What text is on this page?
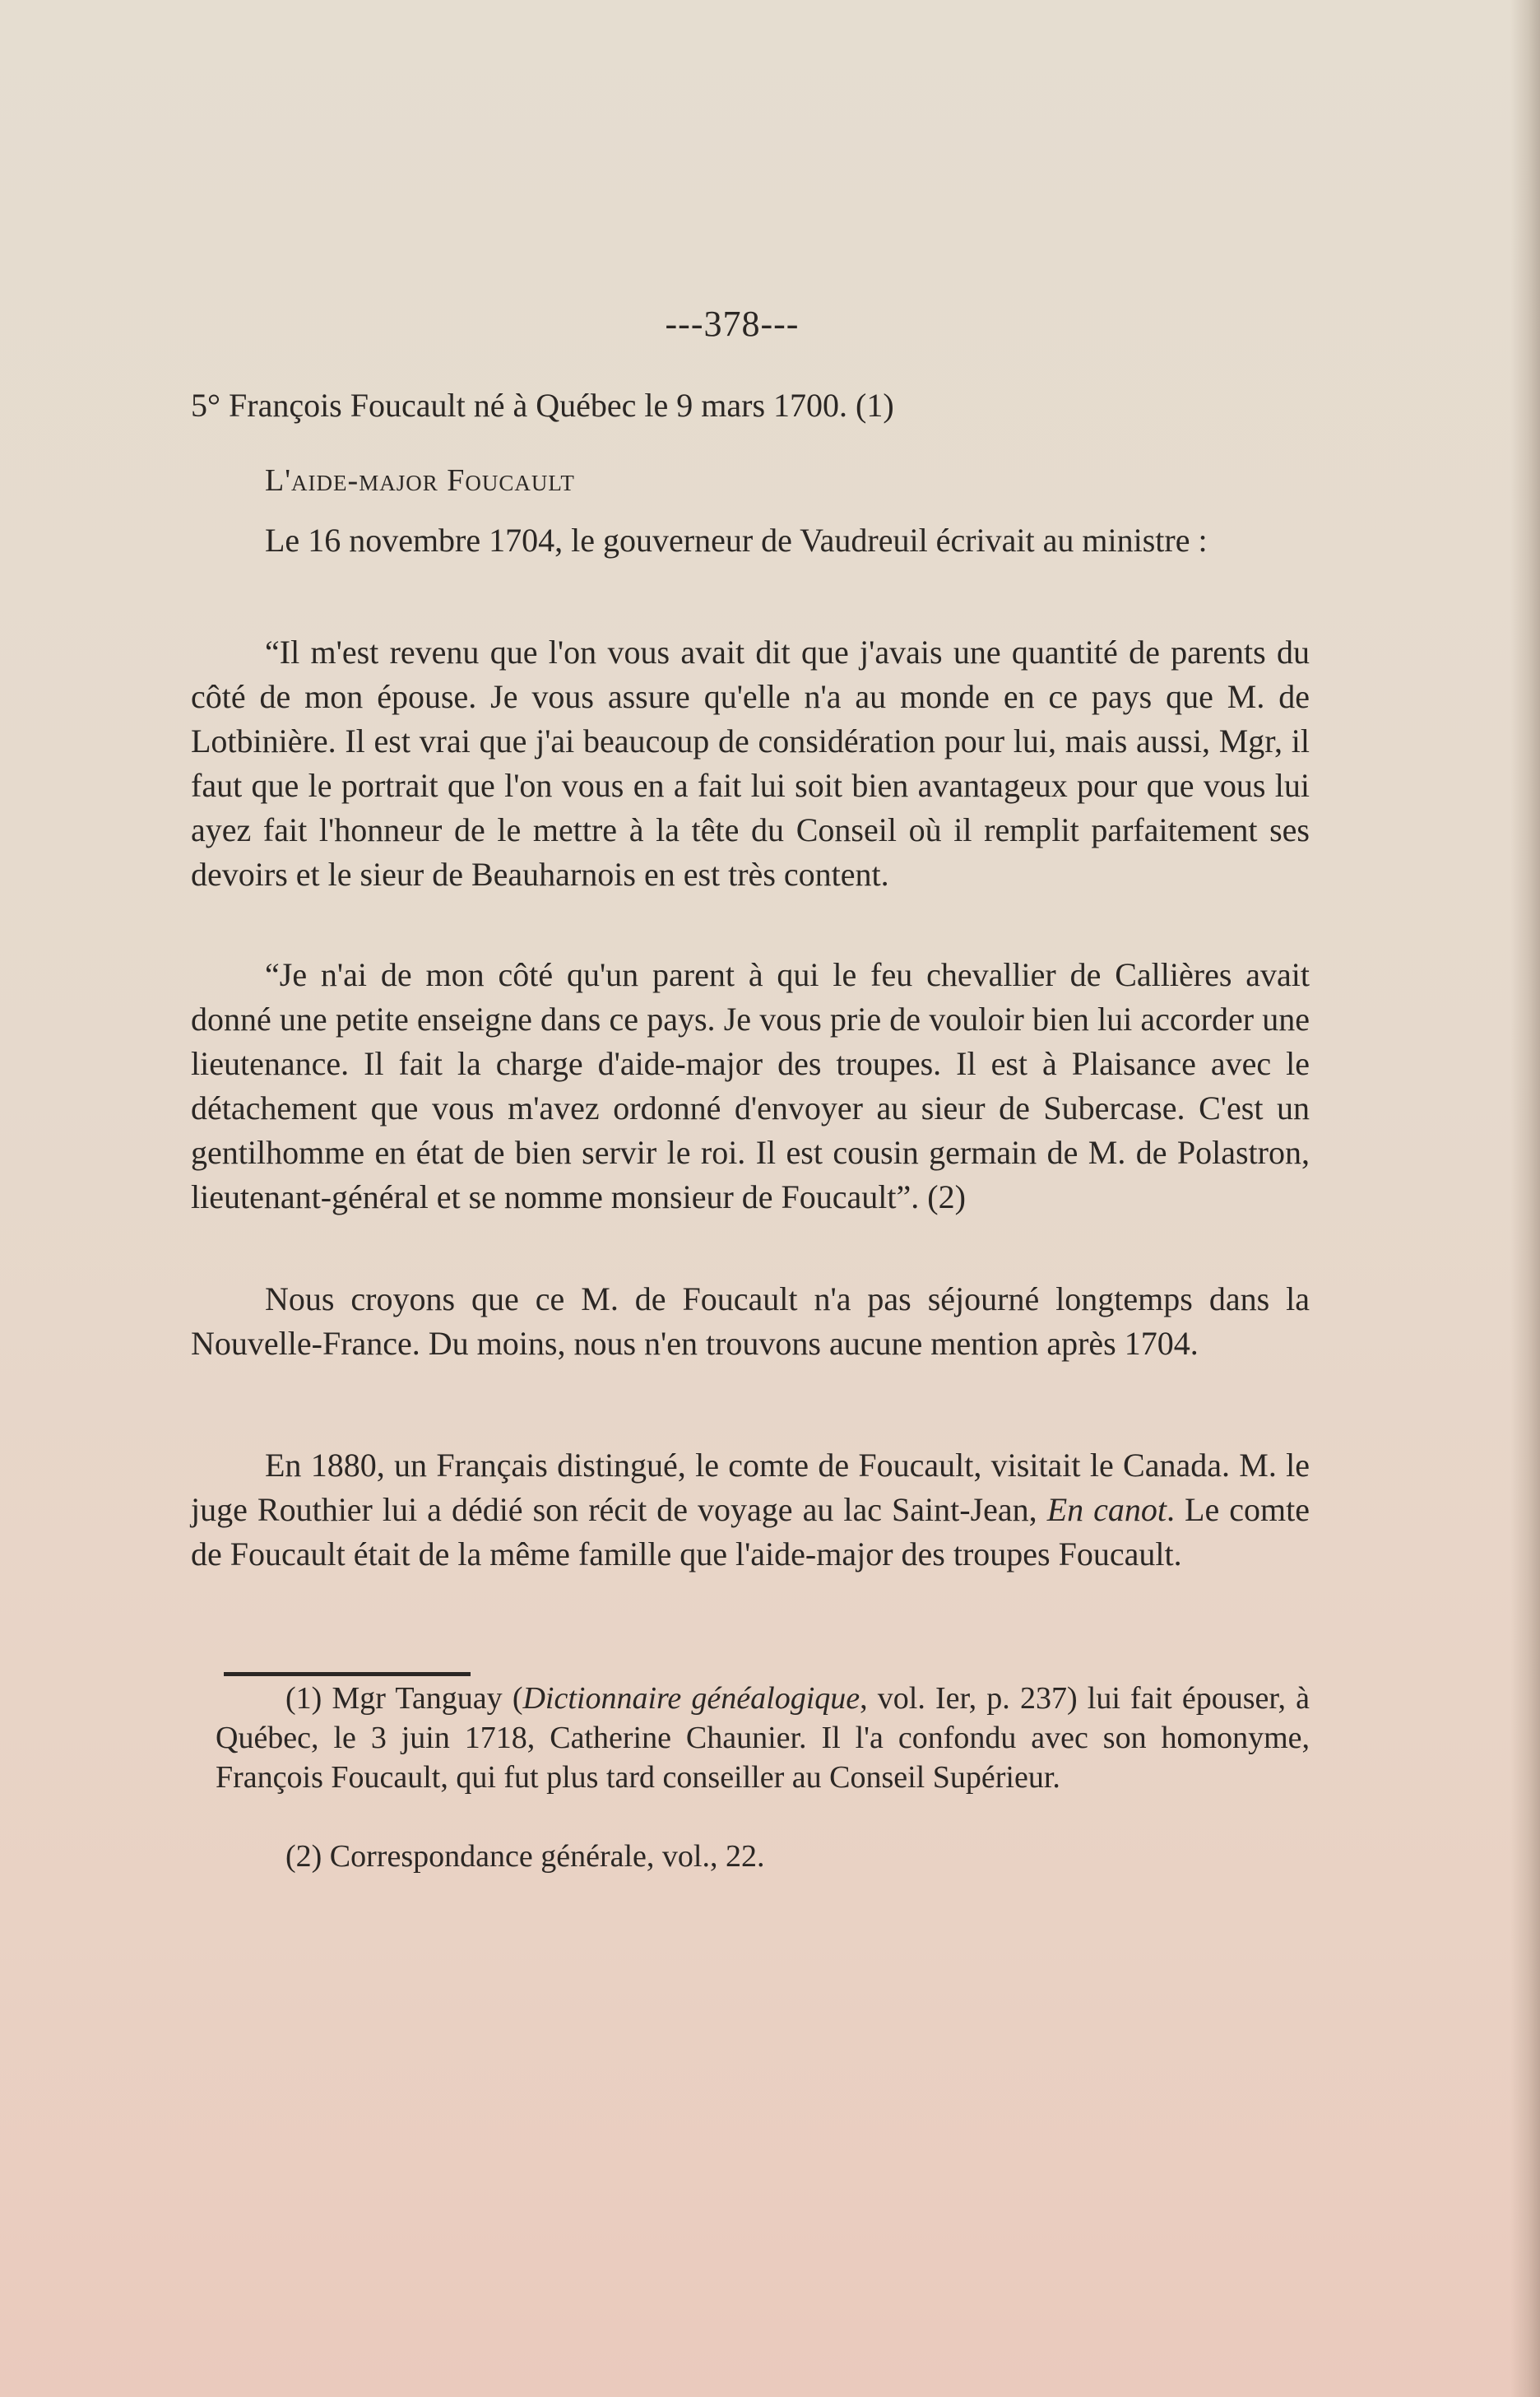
---378---
5° François Foucault né à Québec le 9 mars 1700. (1)
L'aide-major Foucault
Le 16 novembre 1704, le gouverneur de Vaudreuil écrivait au ministre :
“Il m'est revenu que l'on vous avait dit que j'avais une quantité de parents du côté de mon épouse. Je vous assure qu'elle n'a au monde en ce pays que M. de Lotbinière. Il est vrai que j'ai beaucoup de considération pour lui, mais aussi, Mgr, il faut que le portrait que l'on vous en a fait lui soit bien avantageux pour que vous lui ayez fait l'honneur de le mettre à la tête du Conseil où il remplit parfaitement ses devoirs et le sieur de Beauharnois en est très content.
“Je n'ai de mon côté qu'un parent à qui le feu chevallier de Callières avait donné une petite enseigne dans ce pays. Je vous prie de vouloir bien lui accorder une lieutenance. Il fait la charge d'aide-major des troupes. Il est à Plaisance avec le détachement que vous m'avez ordonné d'envoyer au sieur de Subercase. C'est un gentilhomme en état de bien servir le roi. Il est cousin germain de M. de Polastron, lieutenant-général et se nomme monsieur de Foucault”. (2)
Nous croyons que ce M. de Foucault n'a pas séjourné longtemps dans la Nouvelle-France. Du moins, nous n'en trouvons aucune mention après 1704.
En 1880, un Français distingué, le comte de Foucault, visitait le Canada. M. le juge Routhier lui a dédié son récit de voyage au lac Saint-Jean, En canot. Le comte de Foucault était de la même famille que l'aide-major des troupes Foucault.
(1) Mgr Tanguay (Dictionnaire généalogique, vol. Ier, p. 237) lui fait épouser, à Québec, le 3 juin 1718, Catherine Chaunier. Il l'a confondu avec son homonyme, François Foucault, qui fut plus tard conseiller au Conseil Supérieur.
(2) Correspondance générale, vol., 22.
